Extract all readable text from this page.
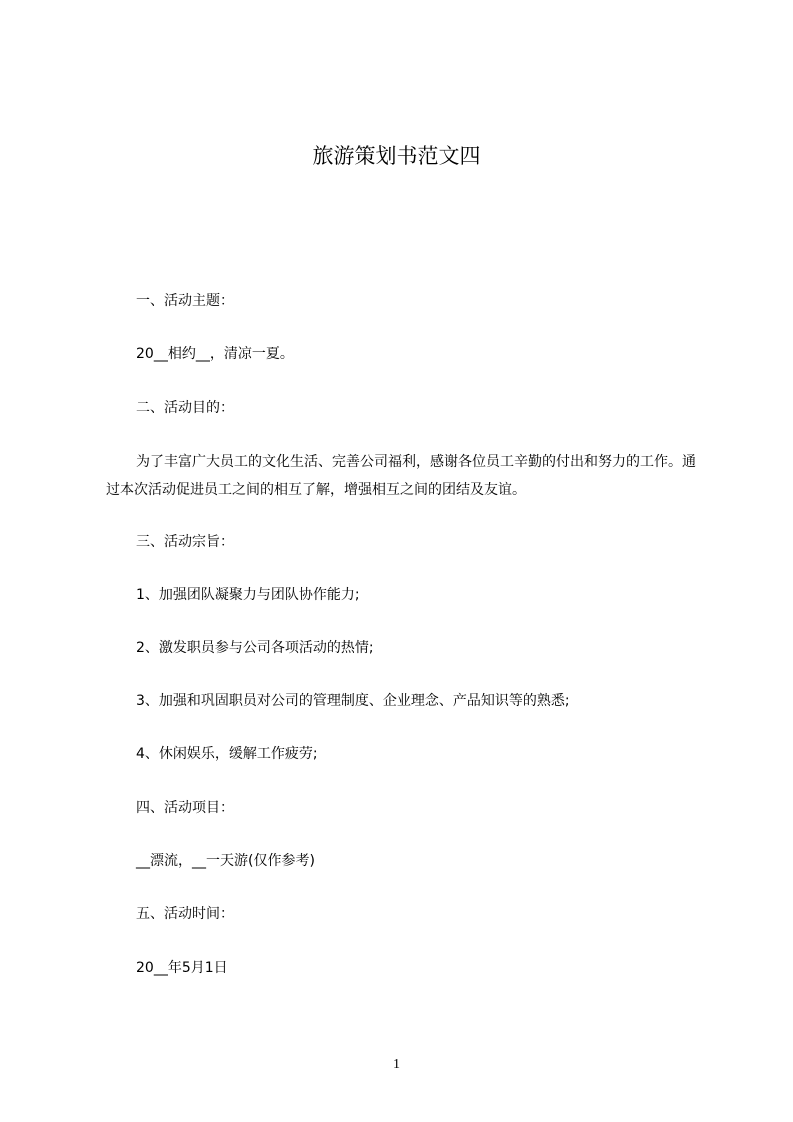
旅游策划书范文四
一、活动主题：
20__相约__，清凉一夏。
二、活动目的：
为了丰富广大员工的文化生活、完善公司福利，感谢各位员工辛勤的付出和努力的工作。通过本次活动促进员工之间的相互了解，增强相互之间的团结及友谊。
三、活动宗旨：
1、加强团队凝聚力与团队协作能力;
2、激发职员参与公司各项活动的热情;
3、加强和巩固职员对公司的管理制度、企业理念、产品知识等的熟悉;
4、休闲娱乐，缓解工作疲劳;
四、活动项目：
__漂流，__一天游(仅作参考)
五、活动时间：
20__年5月1日
1
